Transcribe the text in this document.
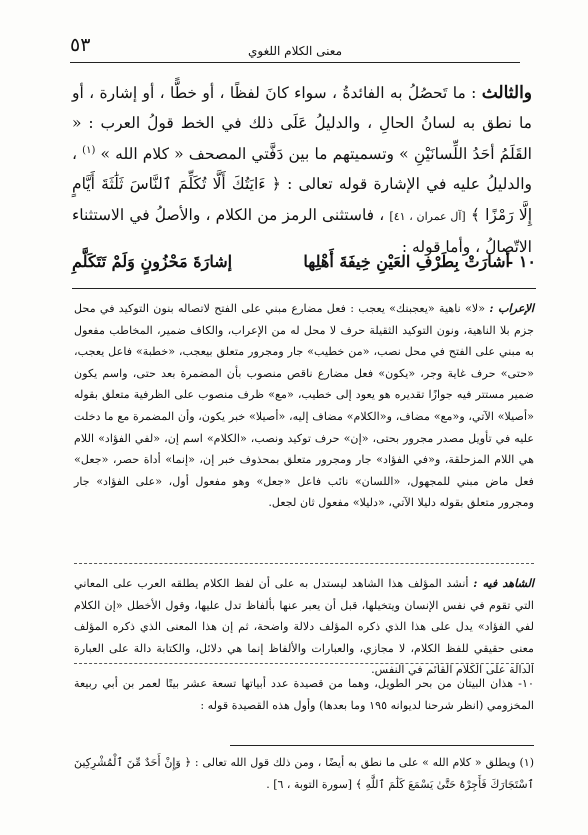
٥٣	معنى الكلام اللغوي

والثالث : ما تَحصُلُ به الفائدةُ ، سواء كانَ لفظًا ، أو خطًّا ، أو إشارة ، أو ما نطق به لسانُ الحالِ ، والدليلُ عَلَى ذلك في الخط قولُ العرب : « القَلَمُ أحَدُ اللِّسانَيْنِ » وتسميتهم ما بين دَفَّتي المصحف « كلام الله » $^{(١)}$ ، والدليلُ عليه في الإشارة قوله تعالى : ﴿ ءَايَتُكَ أَلَّا تُكَلِّمَ ٱلنَّاسَ ثَلَٰثَةَ أَيَّامٍ إِلَّا رَمْزًا ﴾ [آل عمران ، ٤١] ، فاستثنى الرمز من الكلام ، والأصلُ في الاستثناء الاتّصالُ ، وأما قوله :

١٠ -
أشارَتْ بِطَرْفِ العَيْنِ خِيفَةَ أَهْلِها
إشارَةَ مَحْزُونٍ وَلَمْ تَتَكَلَّمِ

الإعراب : «لا» ناهية «يعجبنك» يعجب : فعل مضارع مبني على الفتح لاتصاله بنون التوكيد في محل جزم بلا الناهية، ونون التوكيد الثقيلة حرف لا محل له من الإعراب، والكاف ضمير، المخاطب مفعول به مبني على الفتح في محل نصب، «من خطيب» جار ومجرور متعلق بيعجب، «خطبة» فاعل يعجب، «حتى» حرف غاية وجر، «يكون» فعل مضارع ناقص منصوب بأن المضمرة بعد حتى، واسم يكون ضمير مستتر فيه جوازًا تقديره هو يعود إلى خطيب، «مع» ظرف منصوب على الظرفية متعلق بقوله «أصيلا» الآتي، و«مع» مضاف، و«الكلام» مضاف إليه، «أصيلا» خبر يكون، وأن المضمرة مع ما دخلت عليه في تأويل مصدر مجرور بحتى، «إن» حرف توكيد ونصب، «الكلام» اسم إن، «لفي الفؤاد» اللام هي اللام المزحلقة، و«في الفؤاد» جار ومجرور متعلق بمحذوف خبر إن، «إنما» أداة حصر، «جعل» فعل ماض مبني للمجهول، «اللسان» نائب فاعل «جعل» وهو مفعول أول، «على الفؤاد» جار ومجرور متعلق بقوله دليلا الآتي، «دليلا» مفعول ثان لجعل.

الشاهد فيه : أنشد المؤلف هذا الشاهد ليستدل به على أن لفظ الكلام يطلقه العرب على المعاني التي تقوم في نفس الإنسان ويتخيلها، قبل أن يعبر عنها بألفاظ تدل عليها، وقول الأخطل «إن الكلام لفي الفؤاد» يدل على هذا الذي ذكره المؤلف دلالة واضحة، ثم إن هذا المعنى الذي ذكره المؤلف معنى حقيقي للفظ الكلام، لا مجازي، والعبارات والألفاظ إنما هي دلائل، والكتابة دالة على العبارة الدالة على الكلام القائم في النفس.

١٠- هذان البيتان من بحر الطويل، وهما من قصيدة عدد أبياتها تسعة عشر بيتًا لعمر بن أبي ربيعة المخزومي (انظر شرحنا لديوانه ١٩٥ وما بعدها) وأول هذه القصيدة قوله :

(١) ويطلق « كلام الله » على ما نطق به أيضًا ، ومن ذلك قول الله تعالى : ﴿ وَإِنْ أَحَدٌ مِّنَ ٱلْمُشْرِكِينَ ٱسْتَجَارَكَ فَأَجِرْهُ حَتَّىٰ يَسْمَعَ كَلَٰمَ ٱللَّهِ ﴾ [سورة التوبة ، ٦] .
